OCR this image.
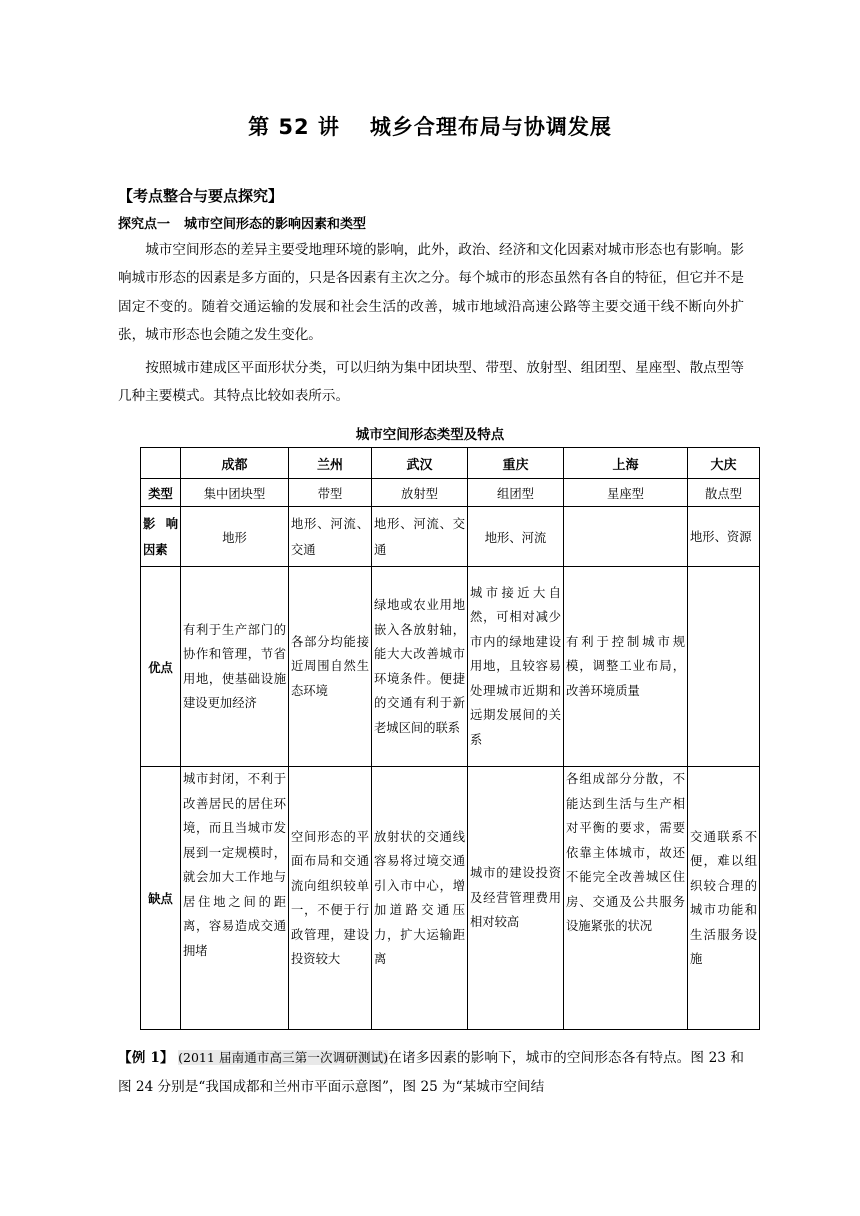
第 52 讲 城乡合理布局与协调发展
【考点整合与要点探究】
探究点一 城市空间形态的影响因素和类型
城市空间形态的差异主要受地理环境的影响，此外，政治、经济和文化因素对城市形态也有影响。影响城市形态的因素是多方面的，只是各因素有主次之分。每个城市的形态虽然有各自的特征，但它并不是固定不变的。随着交通运输的发展和社会生活的改善，城市地域沿高速公路等主要交通干线不断向外扩张，城市形态也会随之发生变化。
按照城市建成区平面形状分类，可以归纳为集中团块型、带型、放射型、组团型、星座型、散点型等几种主要模式。其特点比较如表所示。
城市空间形态类型及特点
	成都	兰州	武汉	重庆	上海	大庆
类型	集中团块型	带型	放射型	组团型	星座型	散点型
影响因素	地形	地形、河流、交通	地形、河流、交通	地形、河流		地形、资源
优点	有利于生产部门的协作和管理，节省用地，使基础设施建设更加经济	各部分均能接近周围自然生态环境	绿地或农业用地嵌入各放射轴，能大大改善城市环境条件。便捷的交通有利于新老城区间的联系	城市接近大自然，可相对减少市内的绿地建设用地，且较容易处理城市近期和远期发展间的关系	有利于控制城市规模，调整工业布局，改善环境质量	
缺点	城市封闭，不利于改善居民的居住环境，而且当城市发展到一定规模时，就会加大工作地与居住地之间的距离，容易造成交通拥堵	空间形态的平面布局和交通流向组织较单一，不便于行政管理，建设投资较大	放射状的交通线容易将过境交通引入市中心，增加道路交通压力，扩大运输距离	城市的建设投资及经营管理费用相对较高	各组成部分分散，不能达到生活与生产相对平衡的要求，需要依靠主体城市，故还不能完全改善城区住房、交通及公共服务设施紧张的状况	交通联系不便，难以组织较合理的城市功能和生活服务设施
【例 1】 (2011 届南通市高三第一次调研测试)在诸多因素的影响下，城市的空间形态各有特点。图 23 和图 24 分别是“我国成都和兰州市平面示意图”，图 25 为“某城市空间结
